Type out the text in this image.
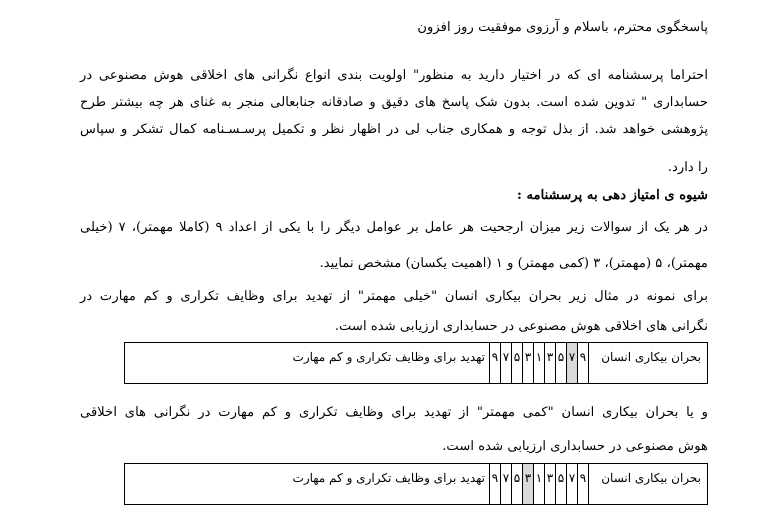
پاسخگوی محترم، باسلام و آرزوی موفقیت روز افزون
احتراما پرسشنامه ای که در اختیار دارید به منظور" اولویت بندی انواع نگرانی های اخلاقی هوش مصنوعی در
حسابداری " تدوین شده است. بدون شک پاسخ های دقیق و صادقانه جنابعالی منجر به غنای هر چه بیشتر طرح
پژوهشی خواهد شد. از بذل توجه و همکاری جناب لی در اظهار نظر و تکمیل پرسـسـنامه کمال تشکر و سپاس
را دارد.
شیوه ی امتیاز دهی به پرسشنامه :
در هر یک از سوالات زیر میزان ارجحیت هر عامل بر عوامل دیگر را با یکی از اعداد ۹ (کاملا مهمتر)، ۷ (خیلی
مهمتر)، ۵ (مهمتر)، ۳ (کمی مهمتر) و ۱ (اهمیت یکسان) مشخص نمایید.
برای نمونه در مثال زیر بحران بیکاری انسان "خیلی مهمتر" از تهدید برای وظایف تکراری و کم مهارت در
نگرانی های اخلاقی هوش مصنوعی در حسابداری ارزیابی شده است.
بحران بیکاری انسان	۹	۷	۵	۳	۱	۳	۵	۷	۹	تهدید برای وظایف تکراری و کم مهارت
و یا بحران بیکاری انسان "کمی مهمتر" از تهدید برای وظایف تکراری و کم مهارت در نگرانی های اخلاقی
هوش مصنوعی در حسابداری ارزیابی شده است.
بحران بیکاری انسان	۹	۷	۵	۳	۱	۳	۵	۷	۹	تهدید برای وظایف تکراری و کم مهارت
